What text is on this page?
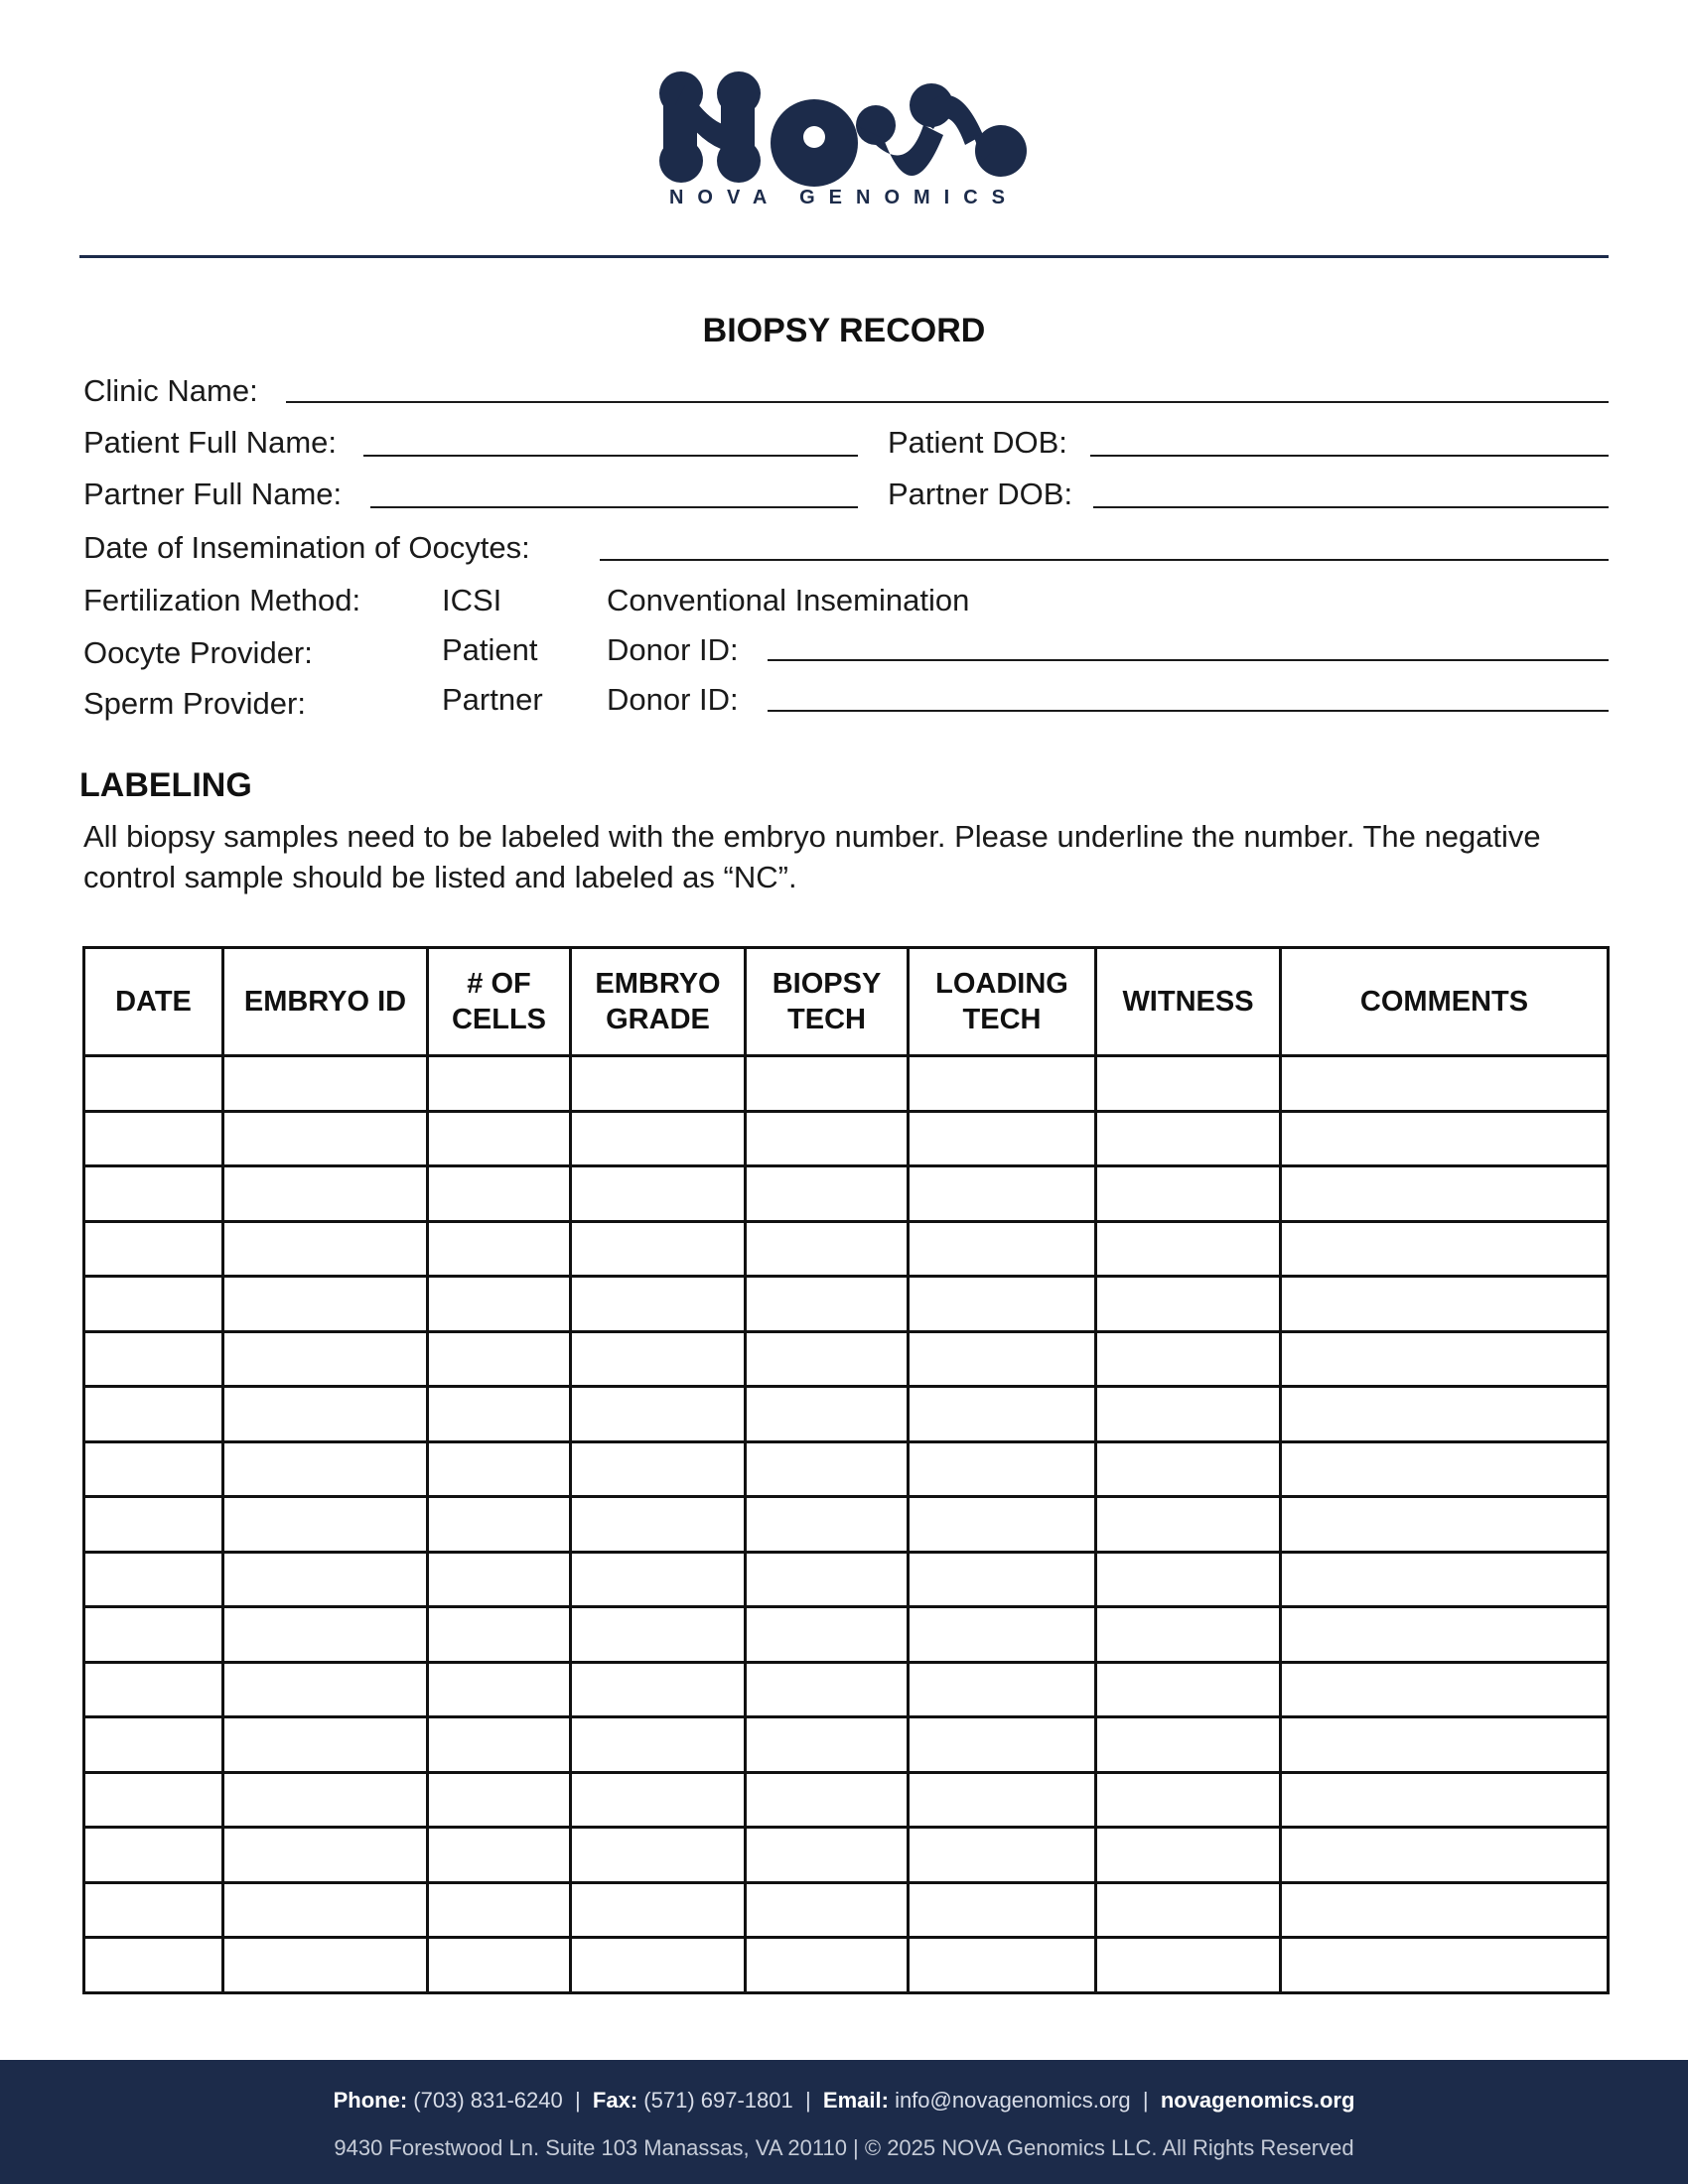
NOVA GENOMICS
BIOPSY RECORD
Clinic Name:
Patient Full Name:	Patient DOB:
Partner Full Name:	Partner DOB:
Date of Insemination of Oocytes:
Fertilization Method:	ICSI	Conventional Insemination
Oocyte Provider:	Patient Donor ID:
Sperm Provider:	Partner Donor ID:
LABELING
All biopsy samples need to be labeled with the embryo number. Please underline the number. The negative control sample should be listed and labeled as “NC”.
DATE	EMBRYO ID	# OF CELLS	EMBRYO GRADE	BIOPSY TECH	LOADING TECH	WITNESS	COMMENTS

Phone: (703) 831-6240  |  Fax: (571) 697-1801  |  Email: info@novagenomics.org  |  novagenomics.org
9430 Forestwood Ln. Suite 103 Manassas, VA 20110 | © 2025 NOVA Genomics LLC. All Rights Reserved
